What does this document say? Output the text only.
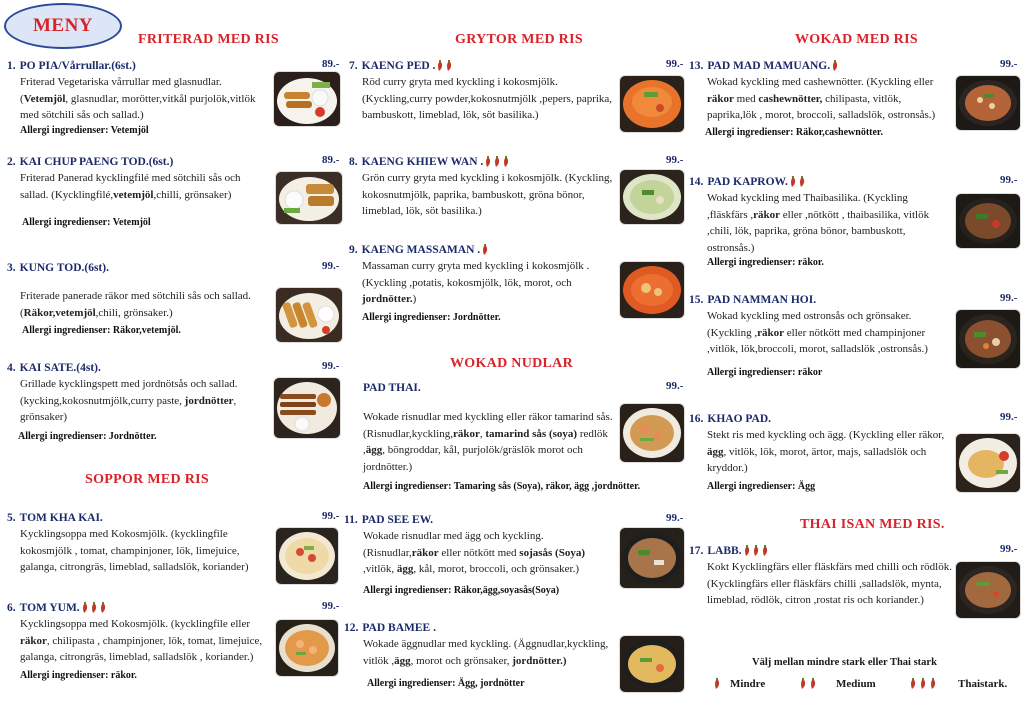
MENY
FRITERAD MED RIS
SOPPOR MED RIS
GRYTOR MED RIS
WOKAD NUDLAR
WOKAD MED RIS
THAI ISAN MED RIS.
1. PO PIA/Vårrullar.(6st.)	89.-
Friterad Vegetariska vårrullar med glasnudlar. (Vetemjöl, glasnudlar, morötter,vitkål purjolök,vitlök med sötchili sås och sallad.)
Allergi ingredienser: Vetemjöl
2. KAI CHUP PAENG TOD.(6st.)	89.-
Friterad Panerad kycklingfilé med sötchili sås och sallad. (Kycklingfilé,vetemjöl,chilli, grönsaker)
Allergi ingredienser: Vetemjöl
3. KUNG TOD.(6st).	99.-
Friterade panerade räkor med sötchili sås och sallad. (Räkor,vetemjöl,chili, grönsaker.)
Allergi ingredienser: Räkor,vetemjöl.
4. KAI SATE.(4st).	99.-
Grillade kycklingspett med jordnötsås och sallad. (kycking,kokosnutmjölk,curry paste, jordnötter, grönsaker)
Allergi ingredienser: Jordnötter.
5. TOM KHA KAI.	99.-
Kycklingsoppa med Kokosmjölk. (kycklingfile kokosmjölk , tomat, champinjoner, lök, limejuice, galanga, citrongräs, limeblad, salladslök, koriander)
6. TOM YUM.	99.-
Kycklingsoppa med Kokosmjölk. (kycklingfile eller räkor, chilipasta , champinjoner, lök, tomat, limejuice, galanga, citrongräs, limeblad, salladslök , koriander.)
Allergi ingredienser: räkor.
7. KAENG PED .	99.-
Röd curry gryta med kyckling i kokosmjölk. (Kyckling,curry powder,kokosnutmjölk ,pepers, paprika, bambuskott, limeblad, lök, söt basilika.)
8. KAENG KHIEW WAN .	99.-
Grön curry gryta med kyckling i kokosmjölk. (Kyckling, kokosnutmjölk, paprika, bambuskott, gröna bönor, limeblad, lök, söt basilika.)
9. KAENG MASSAMAN .
Massaman curry gryta med kyckling i kokosmjölk . (Kyckling ,potatis, kokosmjölk, lök, morot, och jordnötter.)
Allergi ingredienser: Jordnötter.
PAD THAI.	99.-
Wokade risnudlar med kyckling eller räkor tamarind sås. (Risnudlar,kyckling,räkor, tamarind sås (soya) redlök ,ägg, böngroddar, kål, purjolök/gräslök morot och jordnötter.)
Allergi ingredienser: Tamaring sås (Soya), räkor, ägg ,jordnötter.
11. PAD SEE EW.	99.-
Wokade risnudlar med ägg och kyckling. (Risnudlar,räkor eller nötkött med sojasås (Soya) ,vitlök, ägg, kål, morot, broccoli, och grönsaker.)
Allergi ingredienser: Räkor,ägg,soyasås(Soya)
12. PAD BAMEE .
Wokade äggnudlar med kyckling. (Äggnudlar,kyckling, vitlök ,ägg, morot och grönsaker, jordnötter.)
Allergi ingredienser: Ägg, jordnötter
13. PAD MAD MAMUANG.	99.-
Wokad kyckling med cashewnötter. (Kyckling eller räkor med cashewnötter, chilipasta, vitlök, paprika,lök , morot, broccoli, salladslök, ostronsås.)
Allergi ingredienser: Räkor,cashewnötter.
14. PAD KAPROW.	99.-
Wokad kyckling med Thaibasilika. (Kyckling ,fläskfärs ,räkor eller ,nötkött , thaibasilika, vitlök ,chili, lök, paprika, gröna bönor, bambuskott, ostronsås.)
Allergi ingredienser: räkor.
15. PAD NAMMAN HOI.	99.-
Wokad kyckling med ostronsås och grönsaker. (Kyckling ,räkor eller nötkött med champinjoner ,vitlök, lök,broccoli, morot, salladslök ,ostronsås.)
Allergi ingredienser: räkor
16. KHAO PAD.	99.-
Stekt ris med kyckling och ägg. (Kyckling eller räkor, ägg, vitlök, lök, morot, ärtor, majs, salladslök och kryddor.)
Allergi ingredienser: Ägg
17. LABB.	99.-
Kokt Kycklingfärs eller fläskfärs med chilli och rödlök. (Kycklingfärs eller fläskfärs chilli ,salladslök, mynta, limeblad, rödlök, citron ,rostat ris och koriander.)
Välj mellan mindre stark eller Thai stark
Mindre	Medium	Thaistark.
